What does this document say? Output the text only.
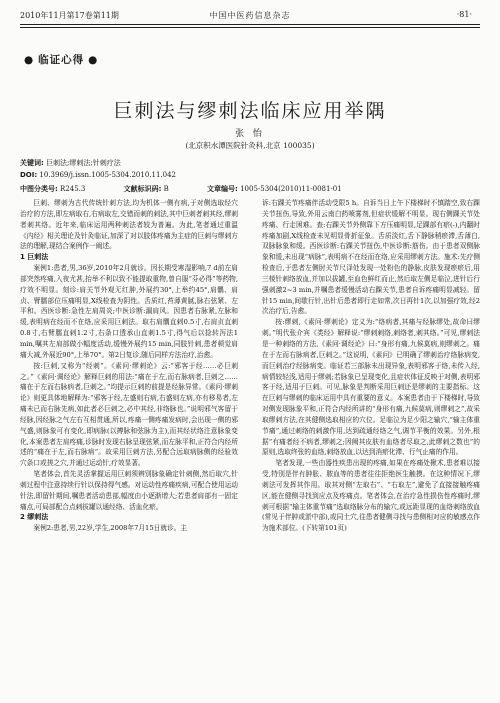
2010年11月第17卷第11期	中国中医药信息杂志	·81·
● 临证心得 ●
巨刺法与缪刺法临床应用举隅
张 怡
(北京积水潭医院针灸科,北京 100035)
关键词: 巨刺法;缪刺法;针刺疗法
DOI: 10.3969/j.issn.1005-5304.2010.11.042
中图分类号: R245.3	文献标识码: B	文章编号: 1005-5304(2010)11-0081-01

巨刺、缪刺为古代传统针刺方法,均为机体一侧有病,于对侧选取经穴治疗的方法,即左病取右,右病取左,交错而刺的刺法,其中巨刺者刺其经,缪刺者刺其络。近年来,临床运用两种刺法者较为普遍。为此,笔者通过重温《内经》相关理论及针灸临证,加深了对以肢体疼痛为主症的巨刺与缪刺方法的理解,现结合案例作一阐述。

1 巨刺法

案例1:患者,男,36岁,2010年2月就诊。因长期受寒湿影响,7 d前左肩部突然疼痛,入夜尤甚,抬举不利以致不能提取重物,曾自服“芬必得”等药物,疗效不明显。刻诊:肩关节外观无红肿,外展约30°,上举约45°,肩髃、肩贞、臂臑部位压痛明显,X线检查为阴性。舌质红,苔薄黄腻,脉右弦紧、左平和。西医诊断:急性左肩周炎;中医诊断:漏肩风。因患者右脉紧,左脉和缓,表明病在经而不在络,应采用巨刺法。取右肩髃直刺0.5寸,右肩贞直刺0.8寸,右臂臑直刺1.2寸,右条口透承山直刺1.5寸,得气后以捻转泻法1 min,嘱其左肩部做小幅度活动,缓慢外展约15 min,同肢针刺,患者顿觉肩痛大减,外展近90°,上举70°。第2日复诊,随后同样方法治疗,治愈。

按:巨刺,又称为“经刺”。《素问·缪刺论》云:“邪客于经……必巨刺之。”《素问·调经论》解释巨刺的用法:“痛在于左,而右脉病者,巨刺之……痛在于左而右脉病者,巨刺之。”均提示巨刺的前提是经脉异常。《素问·缪刺论》则更具体地解释为:“邪客于经,左盛则右病,右盛则左病,亦有移易者,左痛未已而右脉先病,如此者必巨刺之,必中其经,非络脉也。”说明邪气客留于经脉,因经脉之气左右互相贯通,所以,疼痛一侧疼痛发病时,会出现一侧的邪气盛,则脉象可有变化,即病脉(以搏脉和弦脉为主),而其经状络注意脉象变化,本案患者左肩疼痛,诊脉时发现右脉呈现弦紧,而左脉平和,正符合内经所述的“痛在于左,而右脉病”。故采用巨刺方法,另配合远取病脉侧的经验效穴条口或搓之穴,并通过运动针,疗效显著。

笔者体会,首先灵活掌握运用巨刺须辨别脉象确定针刺侧,然后取穴,针刺过程中注意持续行针以保持得气感。对运动性疼痛疾病,可配合使用运动针法,即留针期间,嘱患者活动患部,幅度由小逐渐增大;若患者肩部有一固定痛点,可局部配合点刺拔罐以通经络、活血化瘀。

2 缪刺法

案例2:患者,男,22岁,学生,2008年7月15日就诊。主

诉:右踝关节疼痛伴活动受限5 h。自诉当日上午下楼梯时不慎踏空,致右踝关节扭伤,导致,外用云南白药喷雾剂,但症状缓解不明显。现右侧踝关节处疼痛、行走困难。查:右踝关节外侧靠下方压痛明显,足踝部有瘀(-),内翻时疼痛加剧,X线检查未见明显骨折征象。舌质淡红,舌下静脉稍瘀滞,舌薄白,双脉脉象和缓。西医诊断:右踝关节扭伤,中医诊断:筋伤。由于患者双侧脉象和缓,未出现“病脉”,表明病不在经而在络,应采用缪刺方法。施术:先疗侧检查后,于患者左侧肘关节尺泽处发现一处粉色的静脉,皮肤发现瘀瘀后,用三棱针刺络放血,并加以拔罐,至血色鲜红而止,然后取左侧足临泣,进针后行强刺激2~3 min,并嘱患者缓慢活动右踝关节,患者自诉疼痛明显减轻。留针15 min,间歇行针,出针后患者即行走如常,次日再针1次,以加强疗效,经2次治疗后,告愈。

按:缪刺,《素问·缪刺论》定义为:“络病者,其痛与经脉缪处,故命曰缪刺。”明代张介宾《类经》解释说:“缪刺刺络,刺络者,刺其络。”可见,缪刺法是一种刺络的方法,《素问·调经论》曰:“身形有痛,九候莫病,则缪刺之。痛在于左而右脉病者,巨刺之。”这说明,《素问》已明确了缪刺治疗络脉病变,而巨刺治疗经脉病变。临证若三部脉未出现异象,表明邪客于络,未传入经,病情较轻浅,适用于缪刺;若脉象已呈现变化,且症状体征反映于对侧,表明邪客于经,适用于巨刺。可见,脉象是判断采用巨刺还是缪刺的主要指标。这在巨刺与缪刺的临床运用中具有重要的意义。本案患者由于下楼梯时,导致对侧发现脉象平和,正符合内经所讲的“身形有痛,九候莫病,则缪刺之”,故采取缪刺方法,在其健侧选取相应的穴位。足临泣为足少阳之输穴,“输主体重节痛”,通过刺络的刺激作用,达到疏通经络之气,调节平衡的效果。另外,根据“有痛者经不病者,缪刺之;因阙其皮肤有血络者尽取之,此缪刺之数也”的原则,选取终张的血络,刺络放血,以达到消瘀化滞、行气止痛的作用。

笔者发现,一些由器性疾患出现的疼痛,如果在疼痛处揪术,患者难以接受,特别是伴有肿胀、脓血等的患者往往拒绝医生触摸。在这种情况下,缪刺法可发挥其作用。取其对侧“左取右”、“右取左”,避免了直接接触疼痛区,能在健侧寻找到应点及疼痛点。笔者体会,在治疗急性损伤性疼痛时,缪刺可根据“输主体重节痛”选取络脉分布的输穴,或远距显现的血络刺络放血(常见于伴肿或淤中部),或同土穴,往患者健侧寻找与患侧相对应的敏感点作为施术部位。(下转第101页)
